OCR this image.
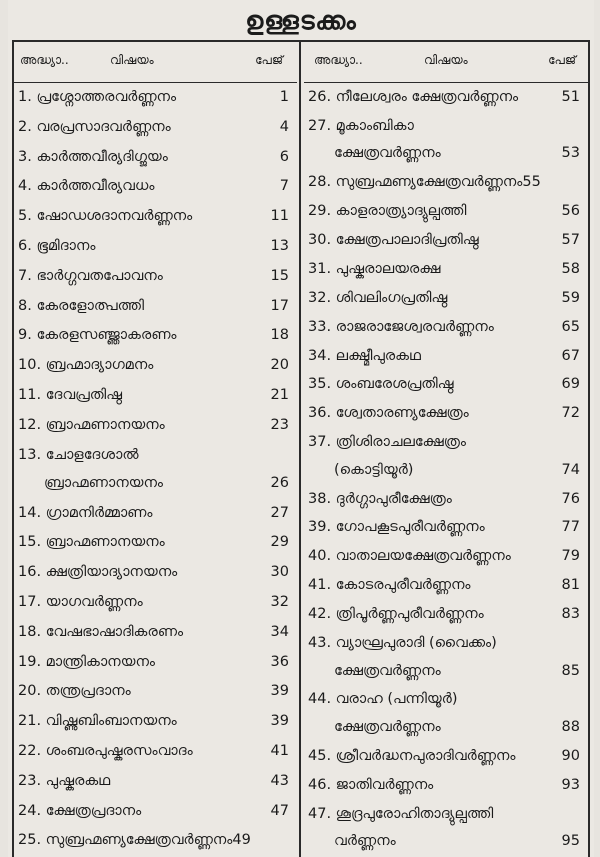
ഉള്ളടക്കം
അദ്ധ്യാ..	വിഷയം	പേജ്
1. പ്രശ്നോത്തരവർണ്ണനം	1
2. വരപ്രസാദവർണ്ണനം	4
3. കാർത്തവീര്യദിഗ്ജയം	6
4. കാർത്തവീര്യവധം	7
5. ഷോഡശദാനവർണ്ണനം	11
6. ഭൂമിദാനം	13
7. ഭാർഗ്ഗവതപോവനം	15
8. കേരളോത്പത്തി	17
9. കേരളസഞ്ജ്ഞാകരണം	18
10. ബ്രഹ്മാദ്യാഗമനം	20
11. ദേവപ്രതിഷ്ഠ	21
12. ബ്രാഹ്മണാനയനം	23
13. ചോളദേശാൽ
ബ്രാഹ്മണാനയനം	26
14. ഗ്രാമനിർമ്മാണം	27
15. ബ്രാഹ്മണാനയനം	29
16. ക്ഷത്രിയാദ്യാനയനം	30
17. യാഗവർണ്ണനം	32
18. വേഷഭാഷാദികരണം	34
19. മാന്ത്രികാനയനം	36
20. തന്ത്രപ്രദാനം	39
21. വിഷ്ണുബിംബാനയനം	39
22. ശംബരപുഷ്കരസംവാദം	41
23. പുഷ്കരകഥ	43
24. ക്ഷേത്രപ്രദാനം	47
25. സുബ്രഹ്മണ്യക്ഷേത്രവർണ്ണനം49
അദ്ധ്യാ..	വിഷയം	പേജ്
26. നീലേശ്വരം ക്ഷേത്രവർണ്ണനം	51
27. മൂകാംബികാ
ക്ഷേത്രവർണ്ണനം	53
28. സുബ്രഹ്മണ്യക്ഷേത്രവർണ്ണനം55
29. കാളരാത്ര്യാദ്യുല്പത്തി	56
30. ക്ഷേത്രപാലാദിപ്രതിഷ്ഠ	57
31. പുഷ്കരാലയരക്ഷ	58
32. ശിവലിംഗപ്രതിഷ്ഠ	59
33. രാജരാജേശ്വരവർണ്ണനം	65
34. ലക്ഷ്മീപുരകഥ	67
35. ശംബരേശപ്രതിഷ്ഠ	69
36. ശ്വേതാരണ്യക്ഷേത്രം	72
37. ത്രിശിരാചലക്ഷേത്രം
(കൊട്ടിയൂർ)	74
38. ദുർഗ്ഗാപുരീക്ഷേത്രം	76
39. ഗോപകൂടപുരീവർണ്ണനം	77
40. വാതാലയക്ഷേത്രവർണ്ണനം	79
41. കോടരപുരീവർണ്ണനം	81
42. ത്രിപൂർണ്ണപുരീവർണ്ണനം	83
43. വ്യാഘ്രപുരാദി (വൈക്കം)
ക്ഷേത്രവർണ്ണനം	85
44. വരാഹ (പന്നിയൂർ)
ക്ഷേത്രവർണ്ണനം	88
45. ശ്രീവർദ്ധനപുരാദിവർണ്ണനം	90
46. ജാതിവർണ്ണനം	93
47. ശൂദ്രപുരോഹിതാദ്യുല്പത്തി
വർണ്ണനം	95
